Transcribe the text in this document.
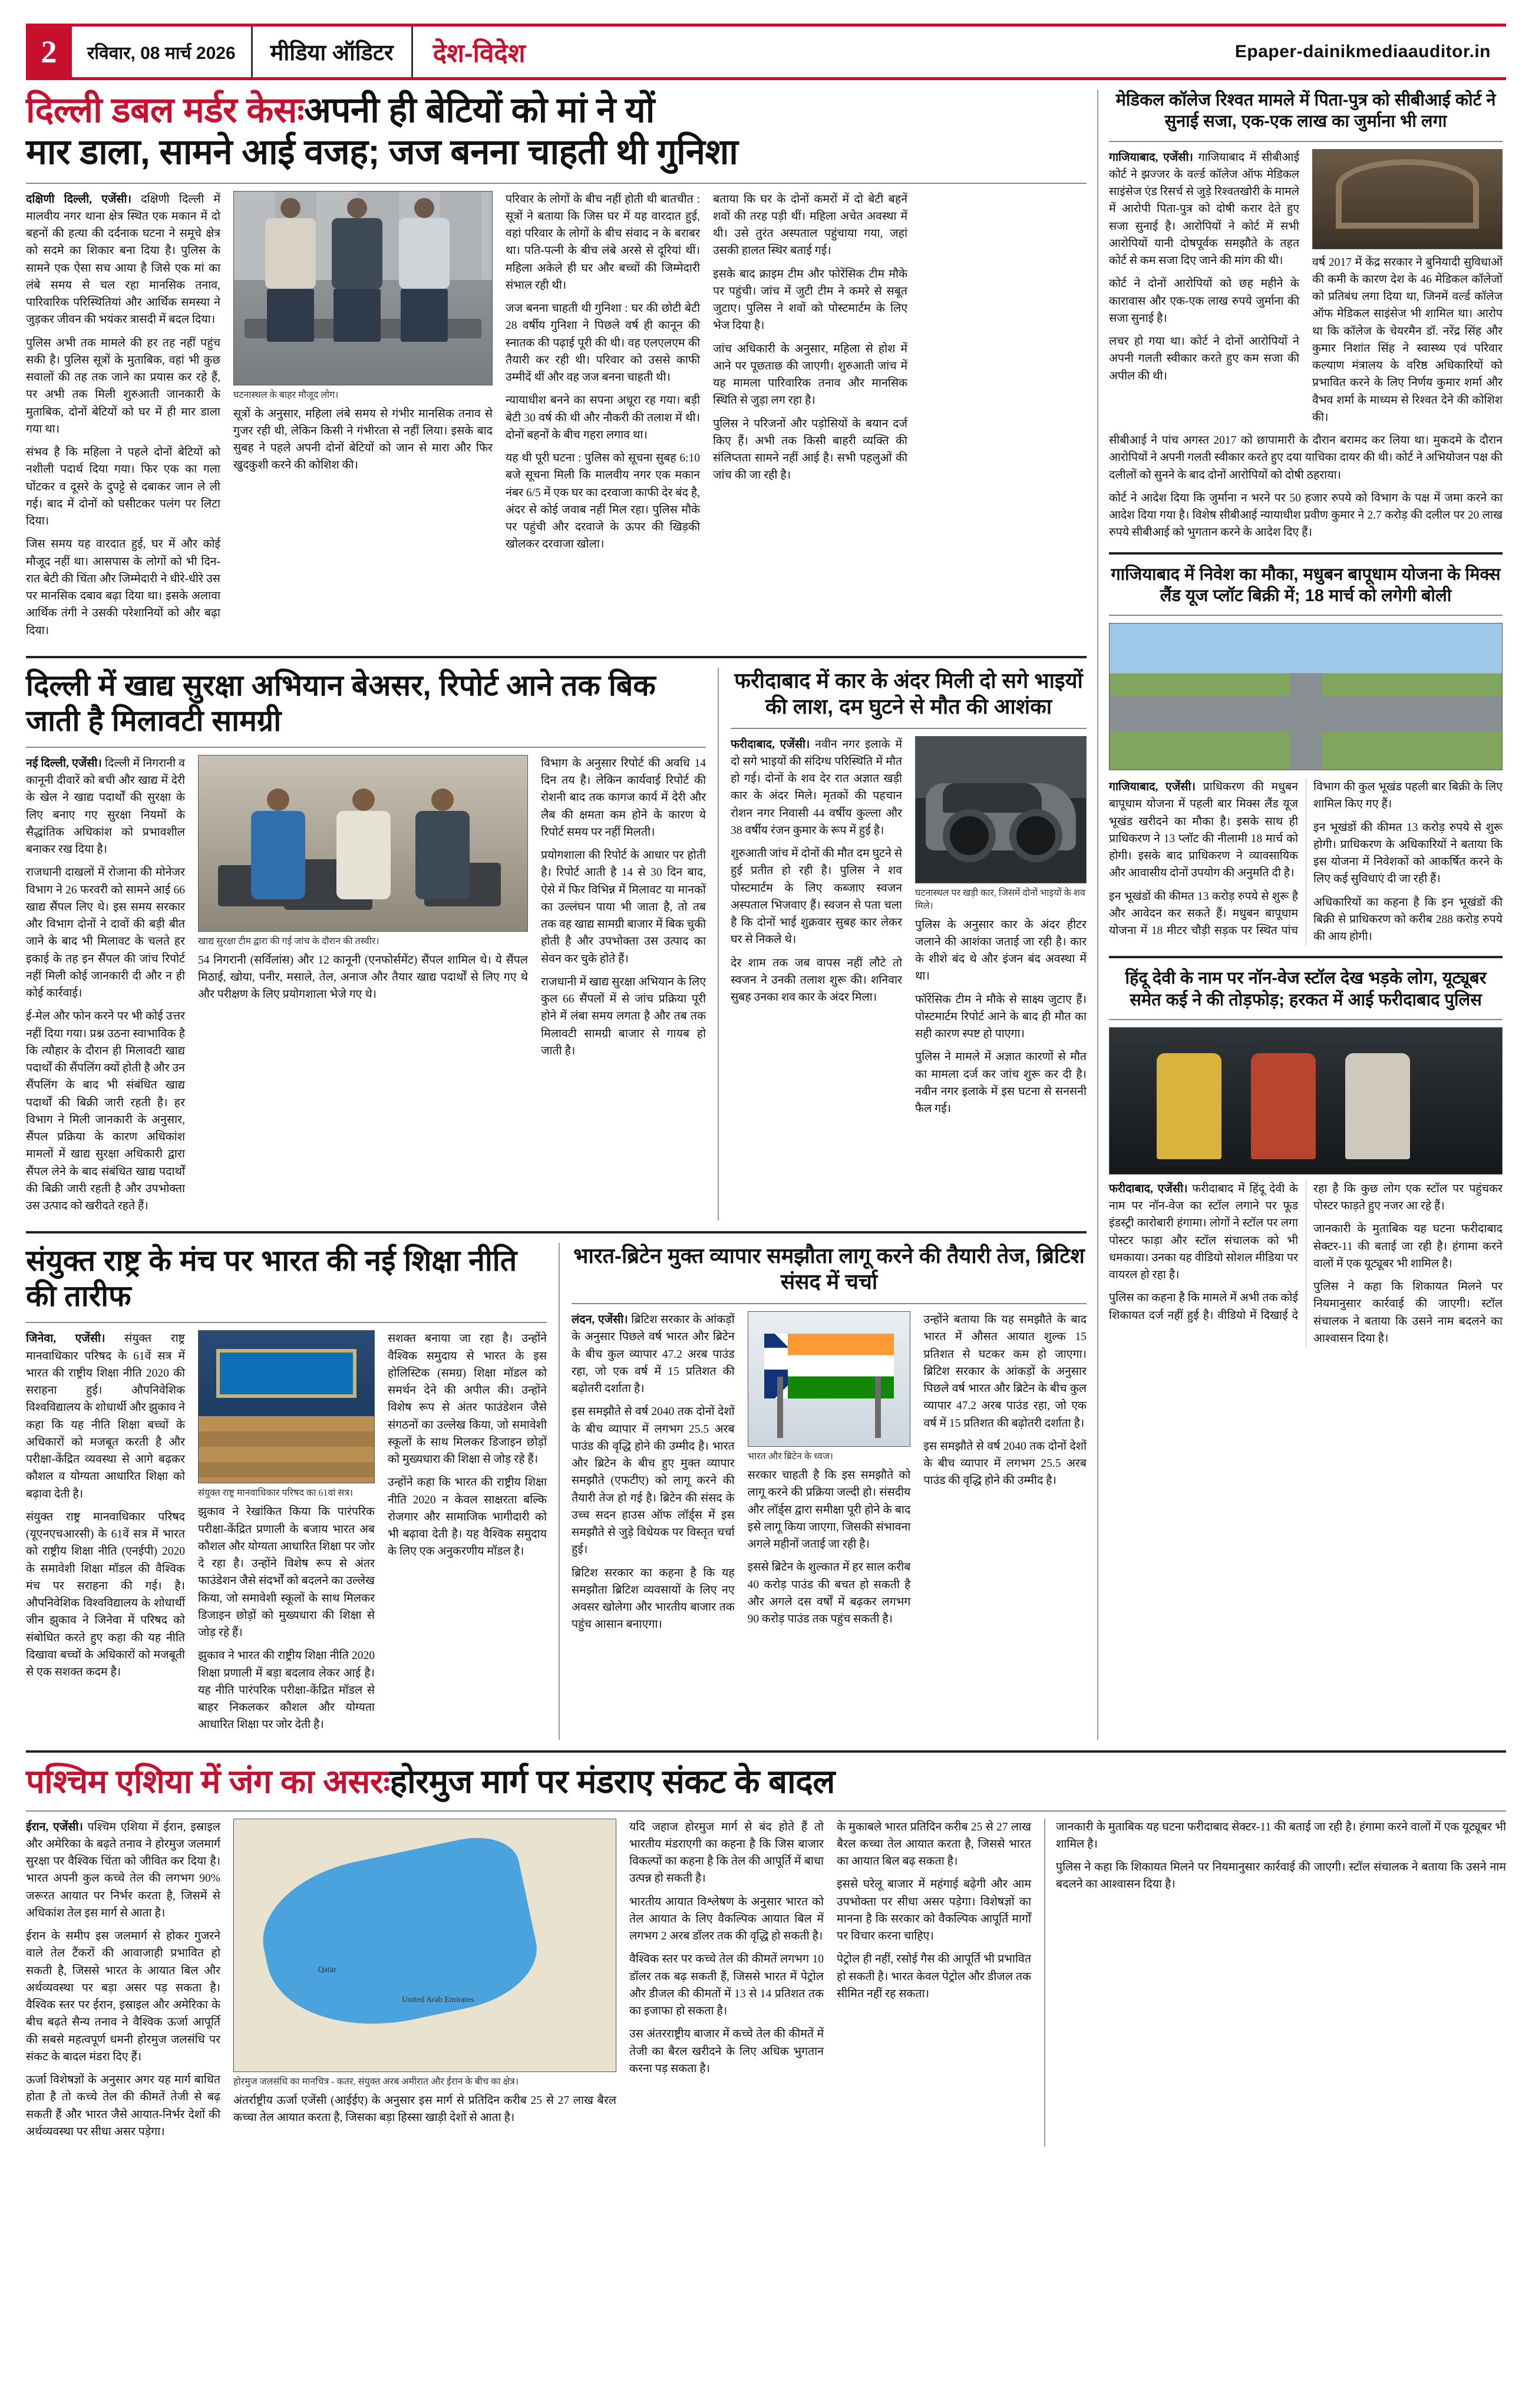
2	रविवार, 08 मार्च 2026	मीडिया ऑडिटर	देश-विदेश	Epaper-dainikmediaauditor.in
दिल्ली डबल मर्डर केसःअपनी ही बेटियों को मां ने यों
मार डाला, सामने आई वजह; जज बनना चाहती थी गुनिशा

दक्षिणी दिल्ली, एजेंसी। दक्षिणी दिल्ली में मालवीय नगर थाना क्षेत्र स्थित एक मकान में दो बहनों की हत्या की दर्दनाक घटना ने समूचे क्षेत्र को सदमे का शिकार बना दिया है। पुलिस के सामने एक ऐसा सच आया है जिसे एक मां का लंबे समय से चल रहा मानसिक तनाव, पारिवारिक परिस्थितियां और आर्थिक समस्या ने जुड़कर जीवन की भयंकर त्रासदी में बदल दिया।

पुलिस अभी तक मामले की हर तह नहीं पहुंच सकी है। पुलिस सूत्रों के मुताबिक, वहां भी कुछ सवालों की तह तक जाने का प्रयास कर रहे हैं, पर अभी तक मिली शुरुआती जानकारी के मुताबिक, दोनों बेटियों को घर में ही मार डाला गया था।

संभव है कि महिला ने पहले दोनों बेटियों को नशीली पदार्थ दिया गया। फिर एक का गला घोंटकर व दूसरे के दुपट्टे से दबाकर जान ले ली गई। बाद में दोनों को घसीटकर पलंग पर लिटा दिया।

जिस समय यह वारदात हुई, घर में और कोई मौजूद नहीं था। आसपास के लोगों को भी दिन-रात बेटी की चिंता और जिम्मेदारी ने धीरे-धीरे उस पर मानसिक दबाव बढ़ा दिया था। इसके अलावा आर्थिक तंगी ने उसकी परेशानियों को और बढ़ा दिया।

घटनास्थल के बाहर मौजूद लोग।

सूत्रों के अनुसार, महिला लंबे समय से गंभीर मानसिक तनाव से गुजर रही थी, लेकिन किसी ने गंभीरता से नहीं लिया। इसके बाद सुबह ने पहले अपनी दोनों बेटियों को जान से मारा और फिर खुदकुशी करने की कोशिश की।

परिवार के लोगों के बीच नहीं होती थी बातचीत : सूत्रों ने बताया कि जिस घर में यह वारदात हुई, वहां परिवार के लोगों के बीच संवाद न के बराबर था। पति-पत्नी के बीच लंबे अरसे से दूरियां थीं। महिला अकेले ही घर और बच्चों की जिम्मेदारी संभाल रही थी।

जज बनना चाहती थी गुनिशा : घर की छोटी बेटी 28 वर्षीय गुनिशा ने पिछले वर्ष ही कानून की स्नातक की पढ़ाई पूरी की थी। वह एलएलएम की तैयारी कर रही थी। परिवार को उससे काफी उम्मीदें थीं और वह जज बनना चाहती थी।

न्यायाधीश बनने का सपना अधूरा रह गया। बड़ी बेटी 30 वर्ष की थी और नौकरी की तलाश में थी। दोनों बहनों के बीच गहरा लगाव था।

यह थी पूरी घटना : पुलिस को सूचना सुबह 6:10 बजे सूचना मिली कि मालवीय नगर एक मकान नंबर 6/5 में एक घर का दरवाजा काफी देर बंद है, अंदर से कोई जवाब नहीं मिल रहा। पुलिस मौके पर पहुंची और दरवाजे के ऊपर की खिड़की खोलकर दरवाजा खोला।

बताया कि घर के दोनों कमरों में दो बेटी बहनें शवों की तरह पड़ी थीं। महिला अचेत अवस्था में थी। उसे तुरंत अस्पताल पहुंचाया गया, जहां उसकी हालत स्थिर बताई गई।

इसके बाद क्राइम टीम और फोरेंसिक टीम मौके पर पहुंची। जांच में जुटी टीम ने कमरे से सबूत जुटाए। पुलिस ने शवों को पोस्टमार्टम के लिए भेज दिया है।

जांच अधिकारी के अनुसार, महिला से होश में आने पर पूछताछ की जाएगी। शुरुआती जांच में यह मामला पारिवारिक तनाव और मानसिक स्थिति से जुड़ा लग रहा है।

पुलिस ने परिजनों और पड़ोसियों के बयान दर्ज किए हैं। अभी तक किसी बाहरी व्यक्ति की संलिप्तता सामने नहीं आई है। सभी पहलुओं की जांच की जा रही है।

दिल्ली में खाद्य सुरक्षा अभियान बेअसर, रिपोर्ट आने तक बिक जाती है मिलावटी सामग्री

नई दिल्ली, एजेंसी। दिल्ली में निगरानी व कानूनी दीवारें को बची और खाद्य में देरी के खेल ने खाद्य पदार्थों की सुरक्षा के लिए बनाए गए सुरक्षा नियमों के सैद्धांतिक अधिकांश को प्रभावशील बनाकर रख दिया है।

राजधानी दाखलों में रोजाना की मोनेजर विभाग ने 26 फरवरी को सामने आई 66 खाद्य सैंपल लिए थे। इस समय सरकार और विभाग दोनों ने दावों की बड़ी बीत जाने के बाद भी मिलावट के चलते हर इकाई के तह इन सैंपल की जांच रिपोर्ट नहीं मिली कोई जानकारी दी और न ही कोई कार्रवाई।

ई-मेल और फोन करने पर भी कोई उत्तर नहीं दिया गया। प्रश्न उठना स्वाभाविक है कि त्यौहार के दौरान ही मिलावटी खाद्य पदार्थों की सैंपलिंग क्यों होती है और उन सैंपलिंग के बाद भी संबंधित खाद्य पदार्थों की बिक्री जारी रहती है। हर विभाग ने मिली जानकारी के अनुसार, सैंपल प्रक्रिया के कारण अधिकांश मामलों में खाद्य सुरक्षा अधिकारी द्वारा सैंपल लेने के बाद संबंधित खाद्य पदार्थों की बिक्री जारी रहती है और उपभोक्ता उस उत्पाद को खरीदते रहते हैं।

खाद्य सुरक्षा टीम द्वारा की गई जांच के दौरान की तस्वीर।

54 निगरानी (सर्विलांस) और 12 कानूनी (एनफोर्समेंट) सैंपल शामिल थे। ये सैंपल मिठाई, खोया, पनीर, मसाले, तेल, अनाज और तैयार खाद्य पदार्थों से लिए गए थे और परीक्षण के लिए प्रयोगशाला भेजे गए थे।

विभाग के अनुसार रिपोर्ट की अवधि 14 दिन तय है। लेकिन कार्यवाई रिपोर्ट की रोशनी बाद तक कागज कार्य में देरी और लैब की क्षमता कम होने के कारण ये रिपोर्ट समय पर नहीं मिलती।

प्रयोगशाला की रिपोर्ट के आधार पर होती है। रिपोर्ट आती है 14 से 30 दिन बाद, ऐसे में फिर विभिन्न में मिलावट या मानकों का उल्लंघन पाया भी जाता है, तो तब तक वह खाद्य सामग्री बाजार में बिक चुकी होती है और उपभोक्ता उस उत्पाद का सेवन कर चुके होते हैं।

राजधानी में खाद्य सुरक्षा अभियान के लिए कुल 66 सैंपलों में से जांच प्रक्रिया पूरी होने में लंबा समय लगता है और तब तक मिलावटी सामग्री बाजार से गायब हो जाती है।

फरीदाबाद में कार के अंदर मिली दो सगे भाइयों की लाश, दम घुटने से मौत की आशंका

फरीदाबाद, एजेंसी। नवीन नगर इलाके में दो सगे भाइयों की संदिग्ध परिस्थिति में मौत हो गई। दोनों के शव देर रात अज्ञात खड़ी कार के अंदर मिले। मृतकों की पहचान रोशन नगर निवासी 44 वर्षीय कुल्ला और 38 वर्षीय रंजन कुमार के रूप में हुई है।

शुरुआती जांच में दोनों की मौत दम घुटने से हुई प्रतीत हो रही है। पुलिस ने शव पोस्टमार्टम के लिए कब्जाए स्वजन अस्पताल भिजवाए हैं। स्वजन से पता चला है कि दोनों भाई शुक्रवार सुबह कार लेकर घर से निकले थे।

देर शाम तक जब वापस नहीं लौटे तो स्वजन ने उनकी तलाश शुरू की। शनिवार सुबह उनका शव कार के अंदर मिला।

घटनास्थल पर खड़ी कार, जिसमें दोनों भाइयों के शव मिले।

पुलिस के अनुसार कार के अंदर हीटर जलाने की आशंका जताई जा रही है। कार के शीशे बंद थे और इंजन बंद अवस्था में था।

फॉरेंसिक टीम ने मौके से साक्ष्य जुटाए हैं। पोस्टमार्टम रिपोर्ट आने के बाद ही मौत का सही कारण स्पष्ट हो पाएगा।

पुलिस ने मामले में अज्ञात कारणों से मौत का मामला दर्ज कर जांच शुरू कर दी है। नवीन नगर इलाके में इस घटना से सनसनी फैल गई।

संयुक्त राष्ट्र के मंच पर भारत की नई शिक्षा नीति की तारीफ

जिनेवा, एजेंसी। संयुक्त राष्ट्र मानवाधिकार परिषद के 61वें सत्र में भारत की राष्ट्रीय शिक्षा नीति 2020 की सराहना हुई। औपनिवेशिक विश्वविद्यालय के शोधार्थी और झुकाव ने कहा कि यह नीति शिक्षा बच्चों के अधिकारों को मजबूत करती है और परीक्षा-केंद्रित व्यवस्था से आगे बढ़कर कौशल व योग्यता आधारित शिक्षा को बढ़ावा देती है।

संयुक्त राष्ट्र मानवाधिकार परिषद (यूएनएचआरसी) के 61वें सत्र में भारत को राष्ट्रीय शिक्षा नीति (एनईपी) 2020 के समावेशी शिक्षा मॉडल की वैश्विक मंच पर सराहना की गई। है। औपनिवेशिक विश्वविद्यालय के शोधार्थी जीन झुकाव ने जिनेवा में परिषद को संबोधित करते हुए कहा की यह नीति दिखावा बच्चों के अधिकारों को मजबूती से एक सशक्त कदम है।

संयुक्त राष्ट्र मानवाधिकार परिषद का 61वां सत्र।

झुकाव ने रेखांकित किया कि पारंपरिक परीक्षा-केंद्रित प्रणाली के बजाय भारत अब कौशल और योग्यता आधारित शिक्षा पर जोर दे रहा है। उन्होंने विशेष रूप से अंतर फाउंडेशन जैसे संदर्भों को बदलने का उल्लेख किया, जो समावेशी स्कूलों के साथ मिलकर डिजाइन छोड़ों को मुख्यधारा की शिक्षा से जोड़ रहे हैं।

झुकाव ने भारत की राष्ट्रीय शिक्षा नीति 2020 शिक्षा प्रणाली में बड़ा बदलाव लेकर आई है। यह नीति पारंपरिक परीक्षा-केंद्रित मॉडल से बाहर निकलकर कौशल और योग्यता आधारित शिक्षा पर जोर देती है।

सशक्त बनाया जा रहा है। उन्होंने वैश्विक समुदाय से भारत के इस होलिस्टिक (समग्र) शिक्षा मॉडल को समर्थन देने की अपील की। उन्होंने विशेष रूप से अंतर फाउंडेशन जैसे संगठनों का उल्लेख किया, जो समावेशी स्कूलों के साथ मिलकर डिजाइन छोड़ों को मुख्यधारा की शिक्षा से जोड़ रहे हैं।

उन्होंने कहा कि भारत की राष्ट्रीय शिक्षा नीति 2020 न केवल साक्षरता बल्कि रोजगार और सामाजिक भागीदारी को भी बढ़ावा देती है। यह वैश्विक समुदाय के लिए एक अनुकरणीय मॉडल है।

भारत-ब्रिटेन मुक्त व्यापार समझौता लागू करने की तैयारी तेज, ब्रिटिश संसद में चर्चा

लंदन, एजेंसी। ब्रिटिश सरकार के आंकड़ों के अनुसार पिछले वर्ष भारत और ब्रिटेन के बीच कुल व्यापार 47.2 अरब पाउंड रहा, जो एक वर्ष में 15 प्रतिशत की बढ़ोतरी दर्शाता है।

इस समझौते से वर्ष 2040 तक दोनों देशों के बीच व्यापार में लगभग 25.5 अरब पाउंड की वृद्धि होने की उम्मीद है। भारत और ब्रिटेन के बीच हुए मुक्त व्यापार समझौते (एफटीए) को लागू करने की तैयारी तेज हो गई है। ब्रिटेन की संसद के उच्च सदन हाउस ऑफ लॉर्ड्स में इस समझौते से जुड़े विधेयक पर विस्तृत चर्चा हुई।

ब्रिटिश सरकार का कहना है कि यह समझौता ब्रिटिश व्यवसायों के लिए नए अवसर खोलेगा और भारतीय बाजार तक पहुंच आसान बनाएगा।

भारत और ब्रिटेन के ध्वज।

सरकार चाहती है कि इस समझौते को लागू करने की प्रक्रिया जल्दी हो। संसदीय और लॉर्ड्स द्वारा समीक्षा पूरी होने के बाद इसे लागू किया जाएगा, जिसकी संभावना अगले महीनों जताई जा रही है।

इससे ब्रिटेन के शुल्कात में हर साल करीब 40 करोड़ पाउंड की बचत हो सकती है और अगले दस वर्षों में बढ़कर लगभग 90 करोड़ पाउंड तक पहुंच सकती है।

उन्होंने बताया कि यह समझौते के बाद भारत में औसत आयात शुल्क 15 प्रतिशत से घटकर कम हो जाएगा। ब्रिटिश सरकार के आंकड़ों के अनुसार पिछले वर्ष भारत और ब्रिटेन के बीच कुल व्यापार 47.2 अरब पाउंड रहा, जो एक वर्ष में 15 प्रतिशत की बढ़ोतरी दर्शाता है।

इस समझौते से वर्ष 2040 तक दोनों देशों के बीच व्यापार में लगभग 25.5 अरब पाउंड की वृद्धि होने की उम्मीद है।

मेडिकल कॉलेज रिश्वत मामले में पिता-पुत्र को सीबीआई कोर्ट ने सुनाई सजा, एक-एक लाख का जुर्माना भी लगा

गाजियाबाद, एजेंसी। गाजियाबाद में सीबीआई कोर्ट ने झज्जर के वर्ल्ड कॉलेज ऑफ मेडिकल साइंसेज एंड रिसर्च से जुड़े रिश्वतखोरी के मामले में आरोपी पिता-पुत्र को दोषी करार देते हुए सजा सुनाई है। आरोपियों ने कोर्ट में सभी आरोपियों यानी दोषपूर्वक समझौते के तहत कोर्ट से कम सजा दिए जाने की मांग की थी।

कोर्ट ने दोनों आरोपियों को छह महीने के कारावास और एक-एक लाख रुपये जुर्माना की सजा सुनाई है।

लचर हो गया था। कोर्ट ने दोनों आरोपियों ने अपनी गलती स्वीकार करते हुए कम सजा की अपील की थी।

वर्ष 2017 में केंद्र सरकार ने बुनियादी सुविधाओं की कमी के कारण देश के 46 मेडिकल कॉलेजों को प्रतिबंध लगा दिया था, जिनमें वर्ल्ड कॉलेज ऑफ मेडिकल साइंसेज भी शामिल था। आरोप था कि कॉलेज के चेयरमैन डॉ. नरेंद्र सिंह और कुमार निशांत सिंह ने स्वास्थ्य एवं परिवार कल्याण मंत्रालय के वरिष्ठ अधिकारियों को प्रभावित करने के लिए निर्णय कुमार शर्मा और वैभव शर्मा के माध्यम से रिश्वत देने की कोशिश की।

सीबीआई ने पांच अगस्त 2017 को छापामारी के दौरान बरामद कर लिया था। मुकदमे के दौरान आरोपियों ने अपनी गलती स्वीकार करते हुए दया याचिका दायर की थी। कोर्ट ने अभियोजन पक्ष की दलीलों को सुनने के बाद दोनों आरोपियों को दोषी ठहराया।

कोर्ट ने आदेश दिया कि जुर्माना न भरने पर 50 हजार रुपये को विभाग के पक्ष में जमा करने का आदेश दिया गया है। विशेष सीबीआई न्यायाधीश प्रवीण कुमार ने 2.7 करोड़ की दलील पर 20 लाख रुपये सीबीआई को भुगतान करने के आदेश दिए हैं।

गाजियाबाद में निवेश का मौका, मधुबन बापूधाम योजना के मिक्स लैंड यूज प्लॉट बिक्री में; 18 मार्च को लगेगी बोली

गाजियाबाद, एजेंसी। प्राधिकरण की मधुबन बापूधाम योजना में पहली बार मिक्स लैंड यूज भूखंड खरीदने का मौका है। इसके साथ ही प्राधिकरण ने 13 प्लॉट की नीलामी 18 मार्च को होगी। इसके बाद प्राधिकरण ने व्यावसायिक और आवासीय दोनों उपयोग की अनुमति दी है।

इन भूखंडों की कीमत 13 करोड़ रुपये से शुरू है और आवेदन कर सकते हैं। मधुबन बापूधाम योजना में 18 मीटर चौड़ी सड़क पर स्थित पांच विभाग की कुल भूखंड पहली बार बिक्री के लिए शामिल किए गए हैं।

इन भूखंडों की कीमत 13 करोड़ रुपये से शुरू होगी। प्राधिकरण के अधिकारियों ने बताया कि इस योजना में निवेशकों को आकर्षित करने के लिए कई सुविधाएं दी जा रही हैं।

अधिकारियों का कहना है कि इन भूखंडों की बिक्री से प्राधिकरण को करीब 288 करोड़ रुपये की आय होगी।

हिंदू देवी के नाम पर नॉन-वेज स्टॉल देख भड़के लोग, यूट्यूबर समेत कई ने की तोड़फोड़; हरकत में आई फरीदाबाद पुलिस

फरीदाबाद, एजेंसी। फरीदाबाद में हिंदू देवी के नाम पर नॉन-वेज का स्टॉल लगाने पर फूड इंडस्ट्री कारोबारी हंगामा। लोगों ने स्टॉल पर लगा पोस्टर फाड़ा और स्टॉल संचालक को भी धमकाया। उनका यह वीडियो सोशल मीडिया पर वायरल हो रहा है।

पुलिस का कहना है कि मामले में अभी तक कोई शिकायत दर्ज नहीं हुई है। वीडियो में दिखाई दे रहा है कि कुछ लोग एक स्टॉल पर पहुंचकर पोस्टर फाड़ते हुए नजर आ रहे हैं।

जानकारी के मुताबिक यह घटना फरीदाबाद सेक्टर-11 की बताई जा रही है। हंगामा करने वालों में एक यूट्यूबर भी शामिल है।

पुलिस ने कहा कि शिकायत मिलने पर नियमानुसार कार्रवाई की जाएगी। स्टॉल संचालक ने बताया कि उसने नाम बदलने का आश्वासन दिया है।

पश्चिम एशिया में जंग का असरःहोरमुज मार्ग पर मंडराए संकट के बादल

ईरान, एजेंसी। पश्चिम एशिया में ईरान, इस्राइल और अमेरिका के बढ़ते तनाव ने होरमुज जलमार्ग सुरक्षा पर वैश्विक चिंता को जीवित कर दिया है। भारत अपनी कुल कच्चे तेल की लगभग 90% जरूरत आयात पर निर्भर करता है, जिसमें से अधिकांश तेल इस मार्ग से आता है।

ईरान के समीप इस जलमार्ग से होकर गुजरने वाले तेल टैंकरों की आवाजाही प्रभावित हो सकती है, जिससे भारत के आयात बिल और अर्थव्यवस्था पर बड़ा असर पड़ सकता है। वैश्विक स्तर पर ईरान, इस्राइल और अमेरिका के बीच बढ़ते सैन्य तनाव ने वैश्विक ऊर्जा आपूर्ति की सबसे महत्वपूर्ण धमनी होरमुज जलसंधि पर संकट के बादल मंडरा दिए हैं।

ऊर्जा विशेषज्ञों के अनुसार अगर यह मार्ग बाधित होता है तो कच्चे तेल की कीमतें तेजी से बढ़ सकती हैं और भारत जैसे आयात-निर्भर देशों की अर्थव्यवस्था पर सीधा असर पड़ेगा।

Qatar
United Arab Emirates
होरमुज जलसंधि का मानचित्र - कतर, संयुक्त अरब अमीरात और ईरान के बीच का क्षेत्र।

अंतर्राष्ट्रीय ऊर्जा एजेंसी (आईईए) के अनुसार इस मार्ग से प्रतिदिन करीब 25 से 27 लाख बैरल कच्चा तेल आयात करता है, जिसका बड़ा हिस्सा खाड़ी देशों से आता है।

यदि जहाज होरमुज मार्ग से बंद होते हैं तो भारतीय मंडराएगी का कहना है कि जिस बाजार विकल्पों का कहना है कि तेल की आपूर्ति में बाधा उत्पन्न हो सकती है।

भारतीय आयात विश्लेषण के अनुसार भारत को तेल आयात के लिए वैकल्पिक आयात बिल में लगभग 2 अरब डॉलर तक की वृद्धि हो सकती है।

वैश्विक स्तर पर कच्चे तेल की कीमतें लगभग 10 डॉलर तक बढ़ सकती हैं, जिससे भारत में पेट्रोल और डीजल की कीमतों में 13 से 14 प्रतिशत तक का इजाफा हो सकता है।

उस अंतरराष्ट्रीय बाजार में कच्चे तेल की कीमतें में तेजी का बैरल खरीदने के लिए अधिक भुगतान करना पड़ सकता है।

के मुकाबले भारत प्रतिदिन करीब 25 से 27 लाख बैरल कच्चा तेल आयात करता है, जिससे भारत का आयात बिल बढ़ सकता है।

इससे घरेलू बाजार में महंगाई बढ़ेगी और आम उपभोक्ता पर सीधा असर पड़ेगा। विशेषज्ञों का मानना है कि सरकार को वैकल्पिक आपूर्ति मार्गों पर विचार करना चाहिए।

पेट्रोल ही नहीं, रसोई गैस की आपूर्ति भी प्रभावित हो सकती है। भारत केवल पेट्रोल और डीजल तक सीमित नहीं रह सकता।

जानकारी के मुताबिक यह घटना फरीदाबाद सेक्टर-11 की बताई जा रही है। हंगामा करने वालों में एक यूट्यूबर भी शामिल है।

पुलिस ने कहा कि शिकायत मिलने पर नियमानुसार कार्रवाई की जाएगी। स्टॉल संचालक ने बताया कि उसने नाम बदलने का आश्वासन दिया है।
